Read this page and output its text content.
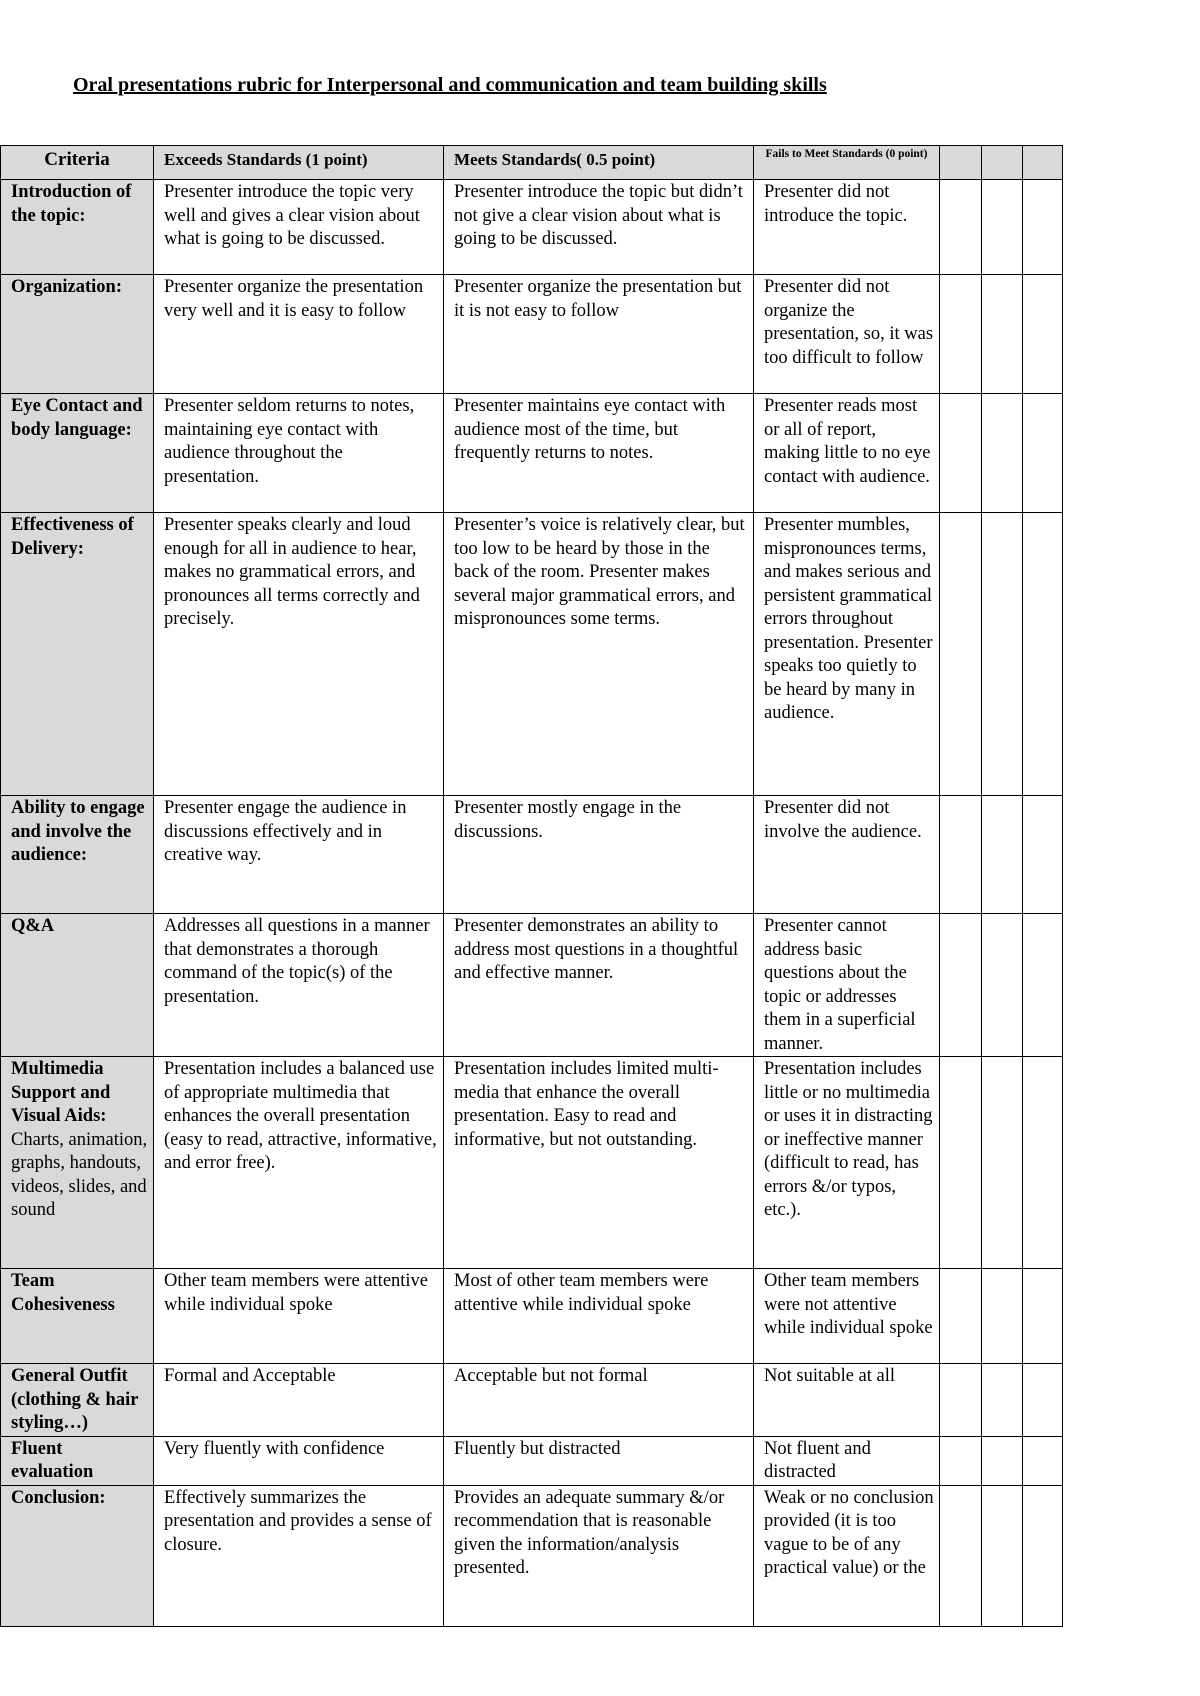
Oral presentations rubric for Interpersonal and communication and team building skills
Criteria	Exceeds Standards (1 point)	Meets Standards( 0.5 point)	Fails to Meet Standards (0 point)			
Introduction of the topic:	Presenter introduce the topic very well and gives a clear vision about what is going to be discussed.	Presenter introduce the topic but didn’t not give a clear vision about what is going to be discussed.	Presenter did not introduce the topic.			
Organization:	Presenter organize the presentation very well and it is easy to follow	Presenter organize the presentation but it is not easy to follow	Presenter did not organize the presentation, so, it was too difficult to follow			
Eye Contact and body language:	Presenter seldom returns to notes, maintaining eye contact with audience throughout the presentation.	Presenter maintains eye contact with audience most of the time, but frequently returns to notes.	Presenter reads most or all of report, making little to no eye contact with audience.			
Effectiveness of Delivery:	Presenter speaks clearly and loud enough for all in audience to hear, makes no grammatical errors, and pronounces all terms correctly and precisely.	Presenter’s voice is relatively clear, but too low to be heard by those in the back of the room. Presenter makes several major grammatical errors, and mispronounces some terms.	Presenter mumbles, mispronounces terms, and makes serious and persistent grammatical errors throughout presentation. Presenter speaks too quietly to be heard by many in audience.			
Ability to engage and involve the audience:	Presenter engage the audience in discussions effectively and in creative way.	Presenter mostly engage in the discussions.	Presenter did not involve the audience.			
Q&A	Addresses all questions in a manner that demonstrates a thorough command of the topic(s) of the presentation.	Presenter demonstrates an ability to address most questions in a thoughtful and effective manner.	Presenter cannot address basic questions about the topic or addresses them in a superficial manner.			
Multimedia Support and Visual Aids: Charts, animation, graphs, handouts, videos, slides, and sound	Presentation includes a balanced use of appropriate multimedia that enhances the overall presentation (easy to read, attractive, informative, and error free).	Presentation includes limited multi-media that enhance the overall presentation. Easy to read and informative, but not outstanding.	Presentation includes little or no multimedia or uses it in distracting or ineffective manner (difficult to read, has errors &/or typos, etc.).			
Team Cohesiveness	Other team members were attentive while individual spoke	Most of other team members were attentive while individual spoke	Other team members were not attentive while individual spoke			
General Outfit (clothing & hair styling…)	Formal and Acceptable	Acceptable but not formal	Not suitable at all			
Fluent evaluation	Very fluently with confidence	Fluently but distracted	Not fluent and distracted			
Conclusion:	Effectively summarizes the presentation and provides a sense of closure.	Provides an adequate summary &/or recommendation that is reasonable given the information/analysis presented.	Weak or no conclusion provided (it is too vague to be of any practical value) or the			
